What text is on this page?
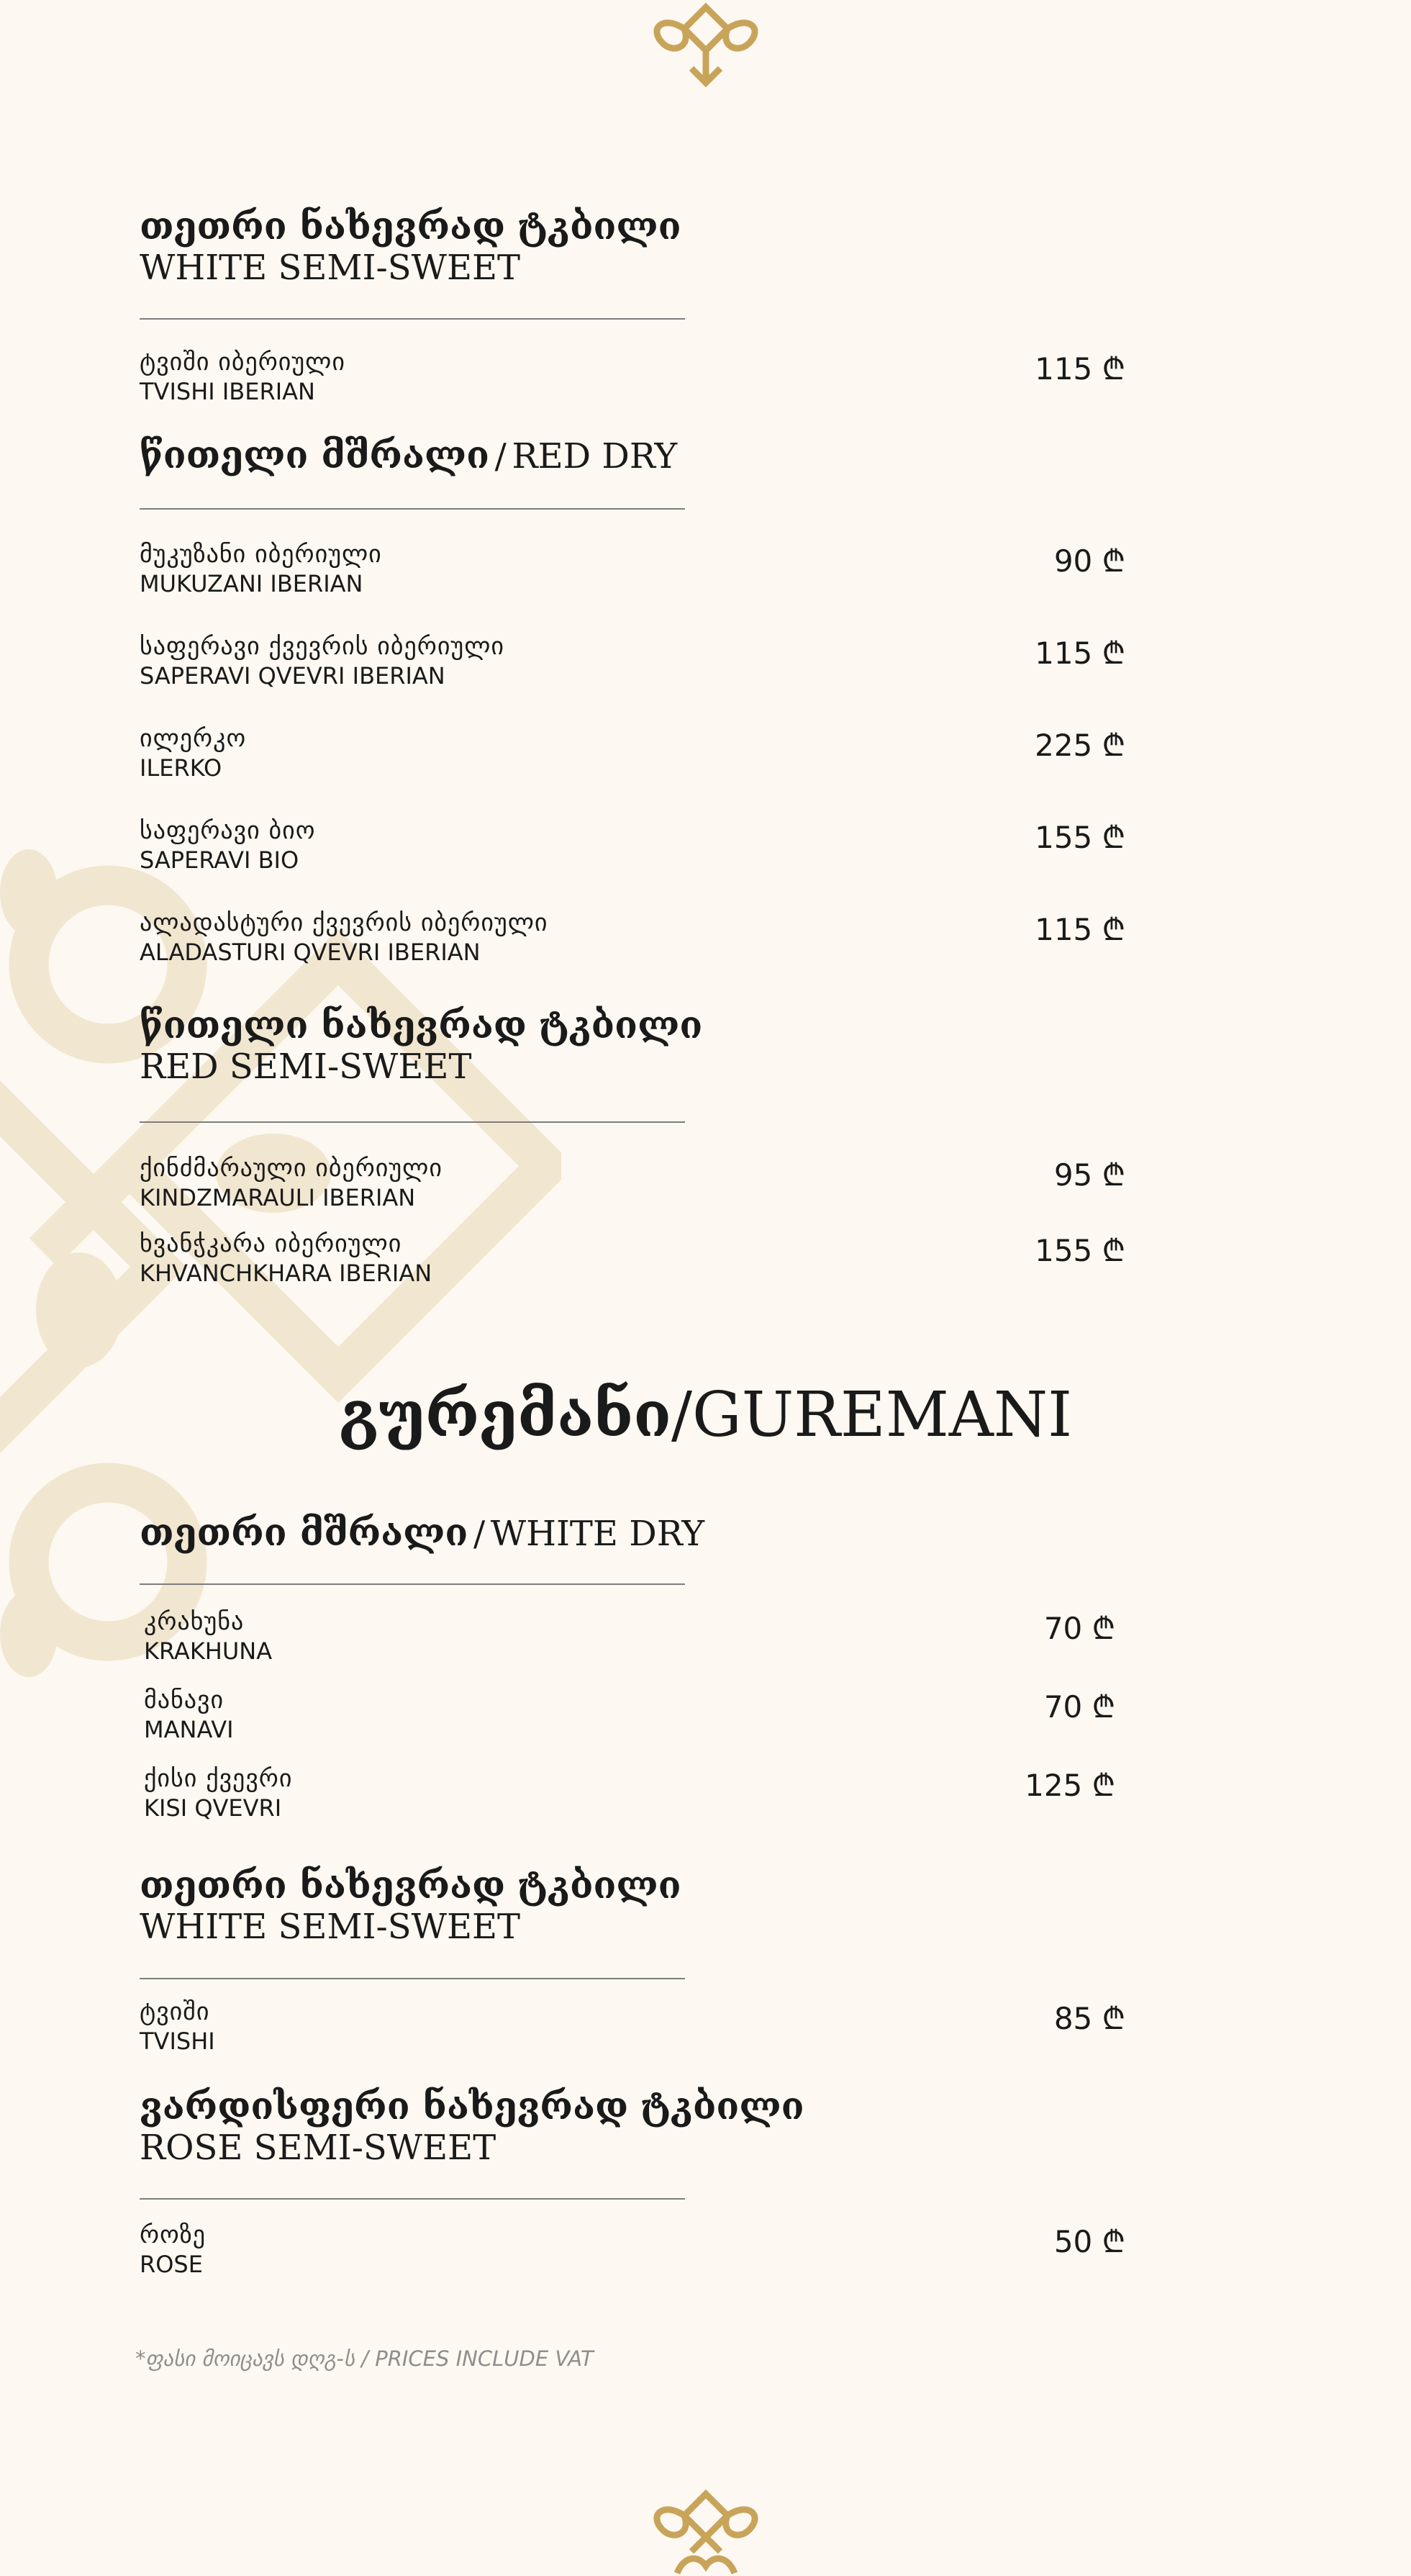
თეთრი ნახევრად ტკბილი
WHITE SEMI-SWEET
ტვიში იბერიული
TVISHI IBERIAN
115 ₾
წითელი მშრალი / RED DRY
მუკუზანი იბერიული
MUKUZANI IBERIAN
90 ₾
საფერავი ქვევრის იბერიული
SAPERAVI QVEVRI IBERIAN
115 ₾
ილერკო
ILERKO
225 ₾
საფერავი ბიო
SAPERAVI BIO
155 ₾
ალადასტური ქვევრის იბერიული
ALADASTURI QVEVRI IBERIAN
115 ₾
წითელი ნახევრად ტკბილი
RED SEMI-SWEET
ქინძმარაული იბერიული
KINDZMARAULI IBERIAN
95 ₾
ხვანჭკარა იბერიული
KHVANCHKHARA IBERIAN
155 ₾
გურემანი/GUREMANI
თეთრი მშრალი / WHITE DRY
კრახუნა
KRAKHUNA
70 ₾
მანავი
MANAVI
70 ₾
ქისი ქვევრი
KISI QVEVRI
125 ₾
თეთრი ნახევრად ტკბილი
WHITE SEMI-SWEET
ტვიში
TVISHI
85 ₾
ვარდისფერი ნახევრად ტკბილი
ROSE SEMI-SWEET
როზე
ROSE
50 ₾
*ფასი მოიცავს დღგ-ს / PRICES INCLUDE VAT
